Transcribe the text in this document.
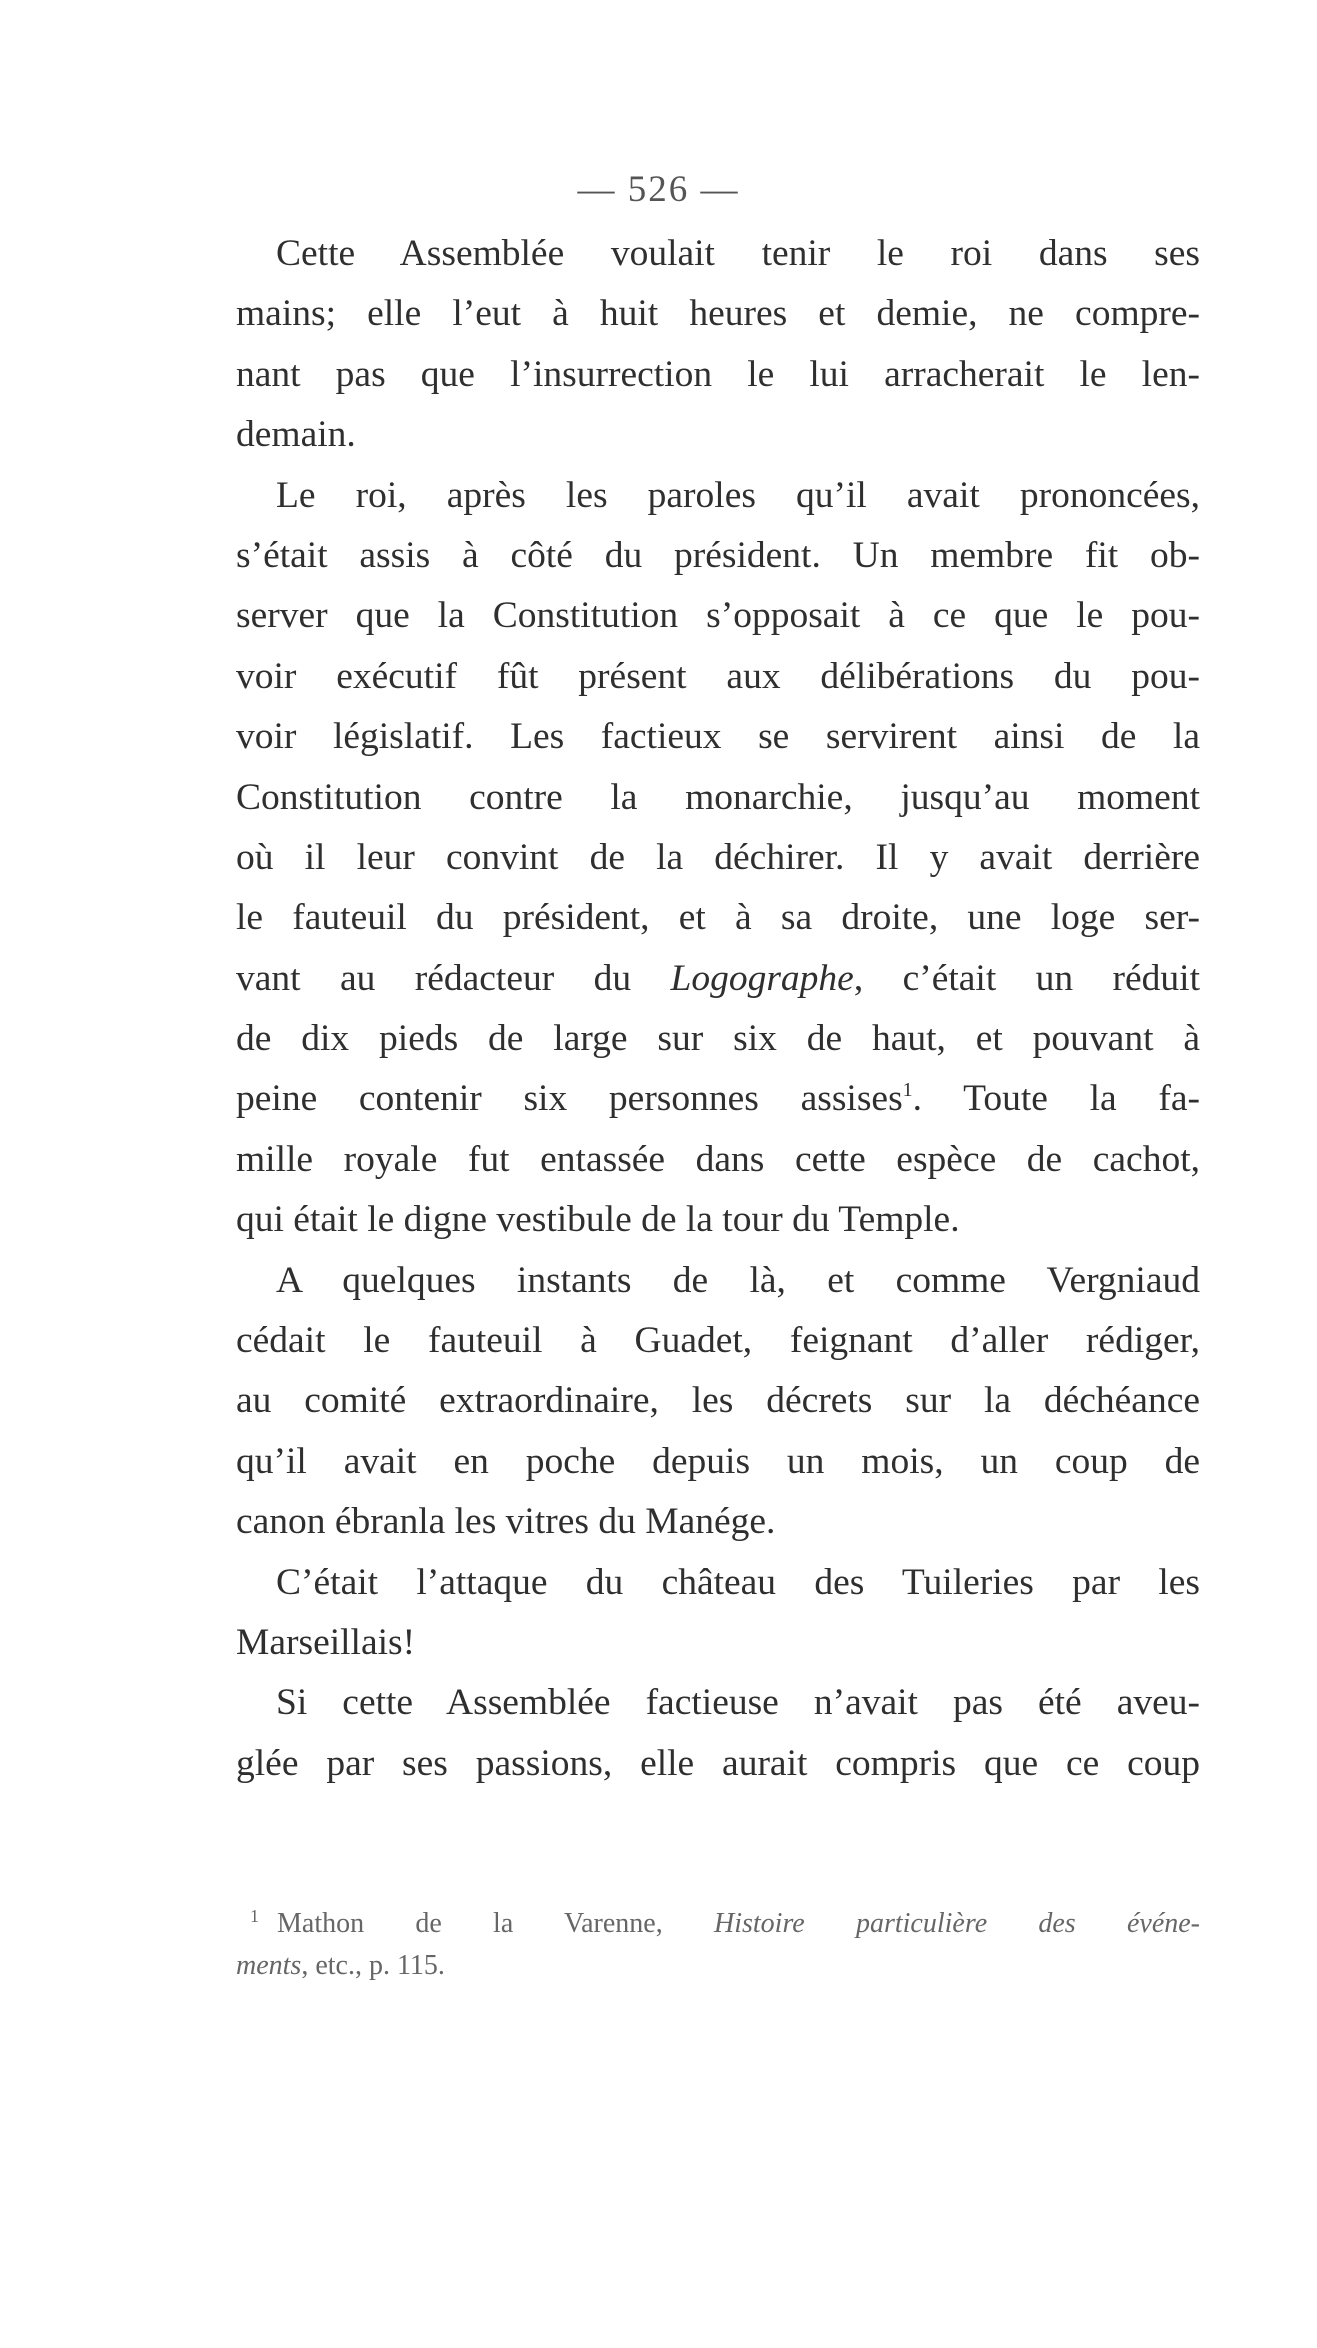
— 526 —
Cette Assemblée voulait tenir le roi dans ses
mains; elle l’eut à huit heures et demie, ne compre-
nant pas que l’insurrection le lui arracherait le len-
demain.
Le roi, après les paroles qu’il avait prononcées,
s’était assis à côté du président. Un membre fit ob-
server que la Constitution s’opposait à ce que le pou-
voir exécutif fût présent aux délibérations du pou-
voir législatif. Les factieux se servirent ainsi de la
Constitution contre la monarchie, jusqu’au moment
où il leur convint de la déchirer. Il y avait derrière
le fauteuil du président, et à sa droite, une loge ser-
vant au rédacteur du Logographe, c’était un réduit
de dix pieds de large sur six de haut, et pouvant à
peine contenir six personnes assises$^1$. Toute la fa-
mille royale fut entassée dans cette espèce de cachot,
qui était le digne vestibule de la tour du Temple.
A quelques instants de là, et comme Vergniaud
cédait le fauteuil à Guadet, feignant d’aller rédiger,
au comité extraordinaire, les décrets sur la déchéance
qu’il avait en poche depuis un mois, un coup de
canon ébranla les vitres du Manége.
C’était l’attaque du château des Tuileries par les
Marseillais!
Si cette Assemblée factieuse n’avait pas été aveu-
glée par ses passions, elle aurait compris que ce coup
$^1$ Mathon de la Varenne, Histoire particulière des événe-
ments, etc., p. 115.
